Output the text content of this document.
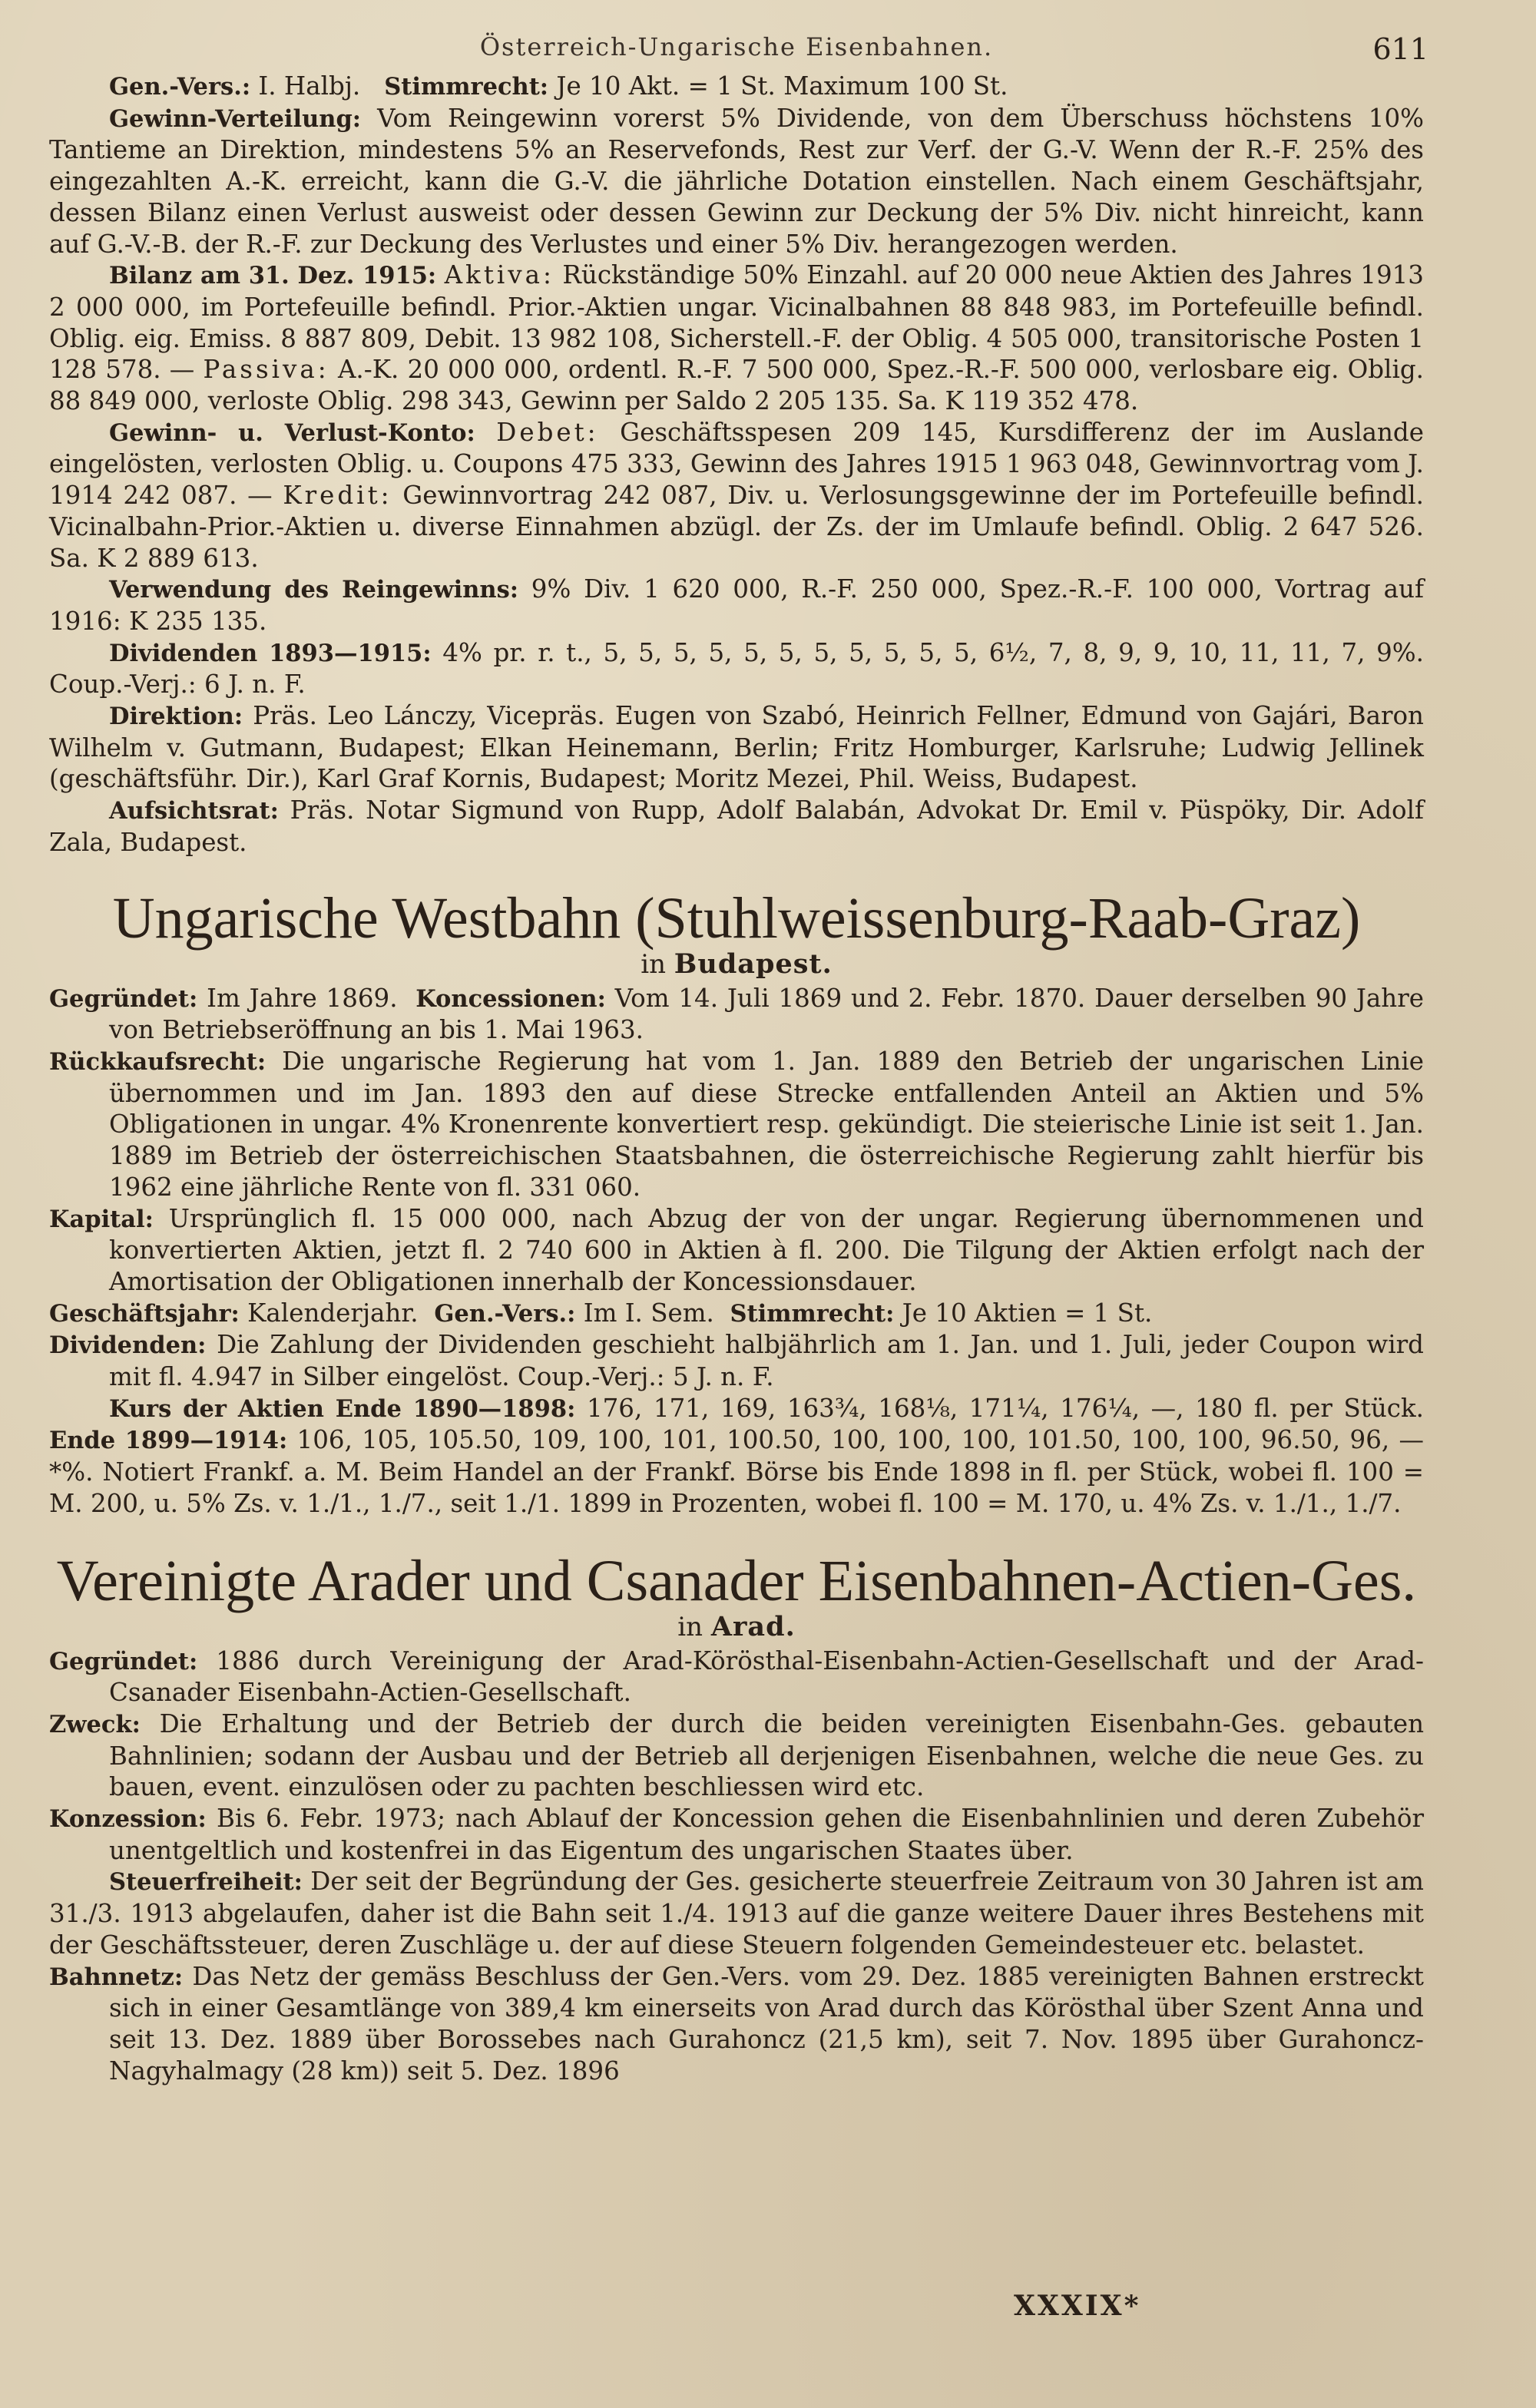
Österreich-Ungarische Eisenbahnen.	611

Gen.-Vers.: I. Halbj. Stimmrecht: Je 10 Akt. = 1 St. Maximum 100 St.

Gewinn-Verteilung: Vom Reingewinn vorerst 5% Dividende, von dem Überschuss höchstens 10% Tantieme an Direktion, mindestens 5% an Reservefonds, Rest zur Verf. der G.-V. Wenn der R.-F. 25% des eingezahlten A.-K. erreicht, kann die G.-V. die jährliche Dotation einstellen. Nach einem Geschäftsjahr, dessen Bilanz einen Verlust ausweist oder dessen Gewinn zur Deckung der 5% Div. nicht hinreicht, kann auf G.-V.-B. der R.-F. zur Deckung des Verlustes und einer 5% Div. herangezogen werden.

Bilanz am 31. Dez. 1915: Aktiva: Rückständige 50% Einzahl. auf 20 000 neue Aktien des Jahres 1913 2 000 000, im Portefeuille befindl. Prior.-Aktien ungar. Vicinalbahnen 88 848 983, im Portefeuille befindl. Oblig. eig. Emiss. 8 887 809, Debit. 13 982 108, Sicherstell.-F. der Oblig. 4 505 000, transitorische Posten 1 128 578. — Passiva: A.-K. 20 000 000, ordentl. R.-F. 7 500 000, Spez.-R.-F. 500 000, verlosbare eig. Oblig. 88 849 000, verloste Oblig. 298 343, Gewinn per Saldo 2 205 135. Sa. K 119 352 478.

Gewinn- u. Verlust-Konto: Debet: Geschäftsspesen 209 145, Kursdifferenz der im Auslande eingelösten, verlosten Oblig. u. Coupons 475 333, Gewinn des Jahres 1915 1 963 048, Gewinnvortrag vom J. 1914 242 087. — Kredit: Gewinnvortrag 242 087, Div. u. Verlosungsgewinne der im Portefeuille befindl. Vicinalbahn-Prior.-Aktien u. diverse Einnahmen abzügl. der Zs. der im Umlaufe befindl. Oblig. 2 647 526. Sa. K 2 889 613.

Verwendung des Reingewinns: 9% Div. 1 620 000, R.-F. 250 000, Spez.-R.-F. 100 000, Vortrag auf 1916: K 235 135.

Dividenden 1893—1915: 4% pr. r. t., 5, 5, 5, 5, 5, 5, 5, 5, 5, 5, 5, 6½, 7, 8, 9, 9, 10, 11, 11, 7, 9%. Coup.-Verj.: 6 J. n. F.

Direktion: Präs. Leo Lánczy, Vicepräs. Eugen von Szabó, Heinrich Fellner, Edmund von Gajári, Baron Wilhelm v. Gutmann, Budapest; Elkan Heinemann, Berlin; Fritz Homburger, Karlsruhe; Ludwig Jellinek (geschäftsführ. Dir.), Karl Graf Kornis, Budapest; Moritz Mezei, Phil. Weiss, Budapest.

Aufsichtsrat: Präs. Notar Sigmund von Rupp, Adolf Balabán, Advokat Dr. Emil v. Püspöky, Dir. Adolf Zala, Budapest.

Ungarische Westbahn (Stuhlweissenburg-Raab-Graz)
in Budapest.

Gegründet: Im Jahre 1869. Koncessionen: Vom 14. Juli 1869 und 2. Febr. 1870. Dauer derselben 90 Jahre von Betriebseröffnung an bis 1. Mai 1963.

Rückkaufsrecht: Die ungarische Regierung hat vom 1. Jan. 1889 den Betrieb der ungarischen Linie übernommen und im Jan. 1893 den auf diese Strecke entfallenden Anteil an Aktien und 5% Obligationen in ungar. 4% Kronenrente konvertiert resp. gekündigt. Die steierische Linie ist seit 1. Jan. 1889 im Betrieb der österreichischen Staatsbahnen, die österreichische Regierung zahlt hierfür bis 1962 eine jährliche Rente von fl. 331 060.

Kapital: Ursprünglich fl. 15 000 000, nach Abzug der von der ungar. Regierung übernommenen und konvertierten Aktien, jetzt fl. 2 740 600 in Aktien à fl. 200. Die Tilgung der Aktien erfolgt nach der Amortisation der Obligationen innerhalb der Koncessionsdauer.

Geschäftsjahr: Kalenderjahr. Gen.-Vers.: Im I. Sem. Stimmrecht: Je 10 Aktien = 1 St.

Dividenden: Die Zahlung der Dividenden geschieht halbjährlich am 1. Jan. und 1. Juli, jeder Coupon wird mit fl. 4.947 in Silber eingelöst. Coup.-Verj.: 5 J. n. F.

Kurs der Aktien Ende 1890—1898: 176, 171, 169, 163¾, 168⅛, 171¼, 176¼, —, 180 fl. per Stück. Ende 1899—1914: 106, 105, 105.50, 109, 100, 101, 100.50, 100, 100, 100, 101.50, 100, 100, 96.50, 96, —*%. Notiert Frankf. a. M. Beim Handel an der Frankf. Börse bis Ende 1898 in fl. per Stück, wobei fl. 100 = M. 200, u. 5% Zs. v. 1./1., 1./7., seit 1./1. 1899 in Prozenten, wobei fl. 100 = M. 170, u. 4% Zs. v. 1./1., 1./7.

Vereinigte Arader und Csanader Eisenbahnen-Actien-Ges.
in Arad.

Gegründet: 1886 durch Vereinigung der Arad-Körösthal-Eisenbahn-Actien-Gesellschaft und der Arad-Csanader Eisenbahn-Actien-Gesellschaft.

Zweck: Die Erhaltung und der Betrieb der durch die beiden vereinigten Eisenbahn-Ges. gebauten Bahnlinien; sodann der Ausbau und der Betrieb all derjenigen Eisenbahnen, welche die neue Ges. zu bauen, event. einzulösen oder zu pachten beschliessen wird etc.

Konzession: Bis 6. Febr. 1973; nach Ablauf der Koncession gehen die Eisenbahnlinien und deren Zubehör unentgeltlich und kostenfrei in das Eigentum des ungarischen Staates über.

Steuerfreiheit: Der seit der Begründung der Ges. gesicherte steuerfreie Zeitraum von 30 Jahren ist am 31./3. 1913 abgelaufen, daher ist die Bahn seit 1./4. 1913 auf die ganze weitere Dauer ihres Bestehens mit der Geschäftssteuer, deren Zuschläge u. der auf diese Steuern folgenden Gemeindesteuer etc. belastet.

Bahnnetz: Das Netz der gemäss Beschluss der Gen.-Vers. vom 29. Dez. 1885 vereinigten Bahnen erstreckt sich in einer Gesamtlänge von 389,4 km einerseits von Arad durch das Körösthal über Szent Anna und seit 13. Dez. 1889 über Borossebes nach Gurahoncz (21,5 km), seit 7. Nov. 1895 über Gurahoncz-Nagyhalmagy (28 km)) seit 5. Dez. 1896

XXXIX*
